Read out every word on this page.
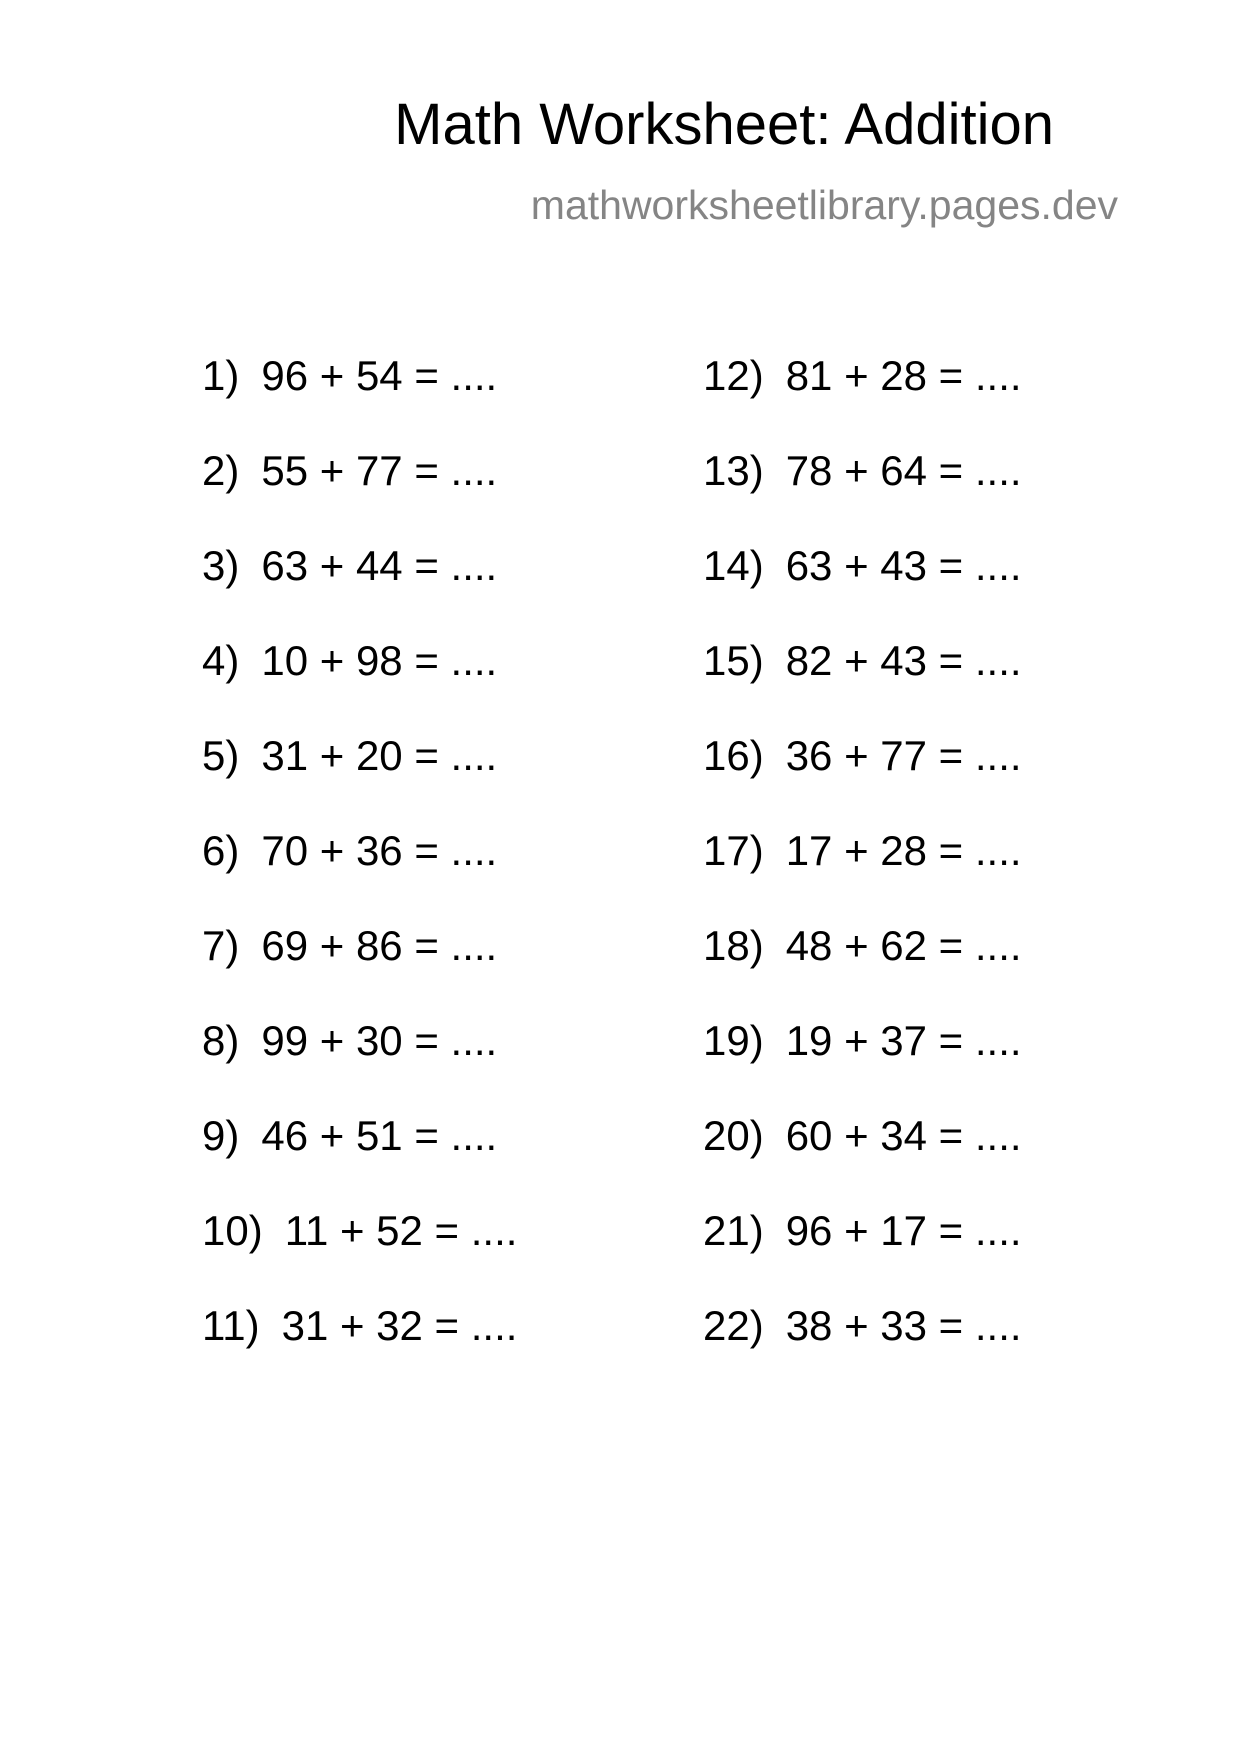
Math Worksheet: Addition
mathworksheetlibrary.pages.dev
1) 96 + 54 = ....
2) 55 + 77 = ....
3) 63 + 44 = ....
4) 10 + 98 = ....
5) 31 + 20 = ....
6) 70 + 36 = ....
7) 69 + 86 = ....
8) 99 + 30 = ....
9) 46 + 51 = ....
10) 11 + 52 = ....
11) 31 + 32 = ....
12) 81 + 28 = ....
13) 78 + 64 = ....
14) 63 + 43 = ....
15) 82 + 43 = ....
16) 36 + 77 = ....
17) 17 + 28 = ....
18) 48 + 62 = ....
19) 19 + 37 = ....
20) 60 + 34 = ....
21) 96 + 17 = ....
22) 38 + 33 = ....
